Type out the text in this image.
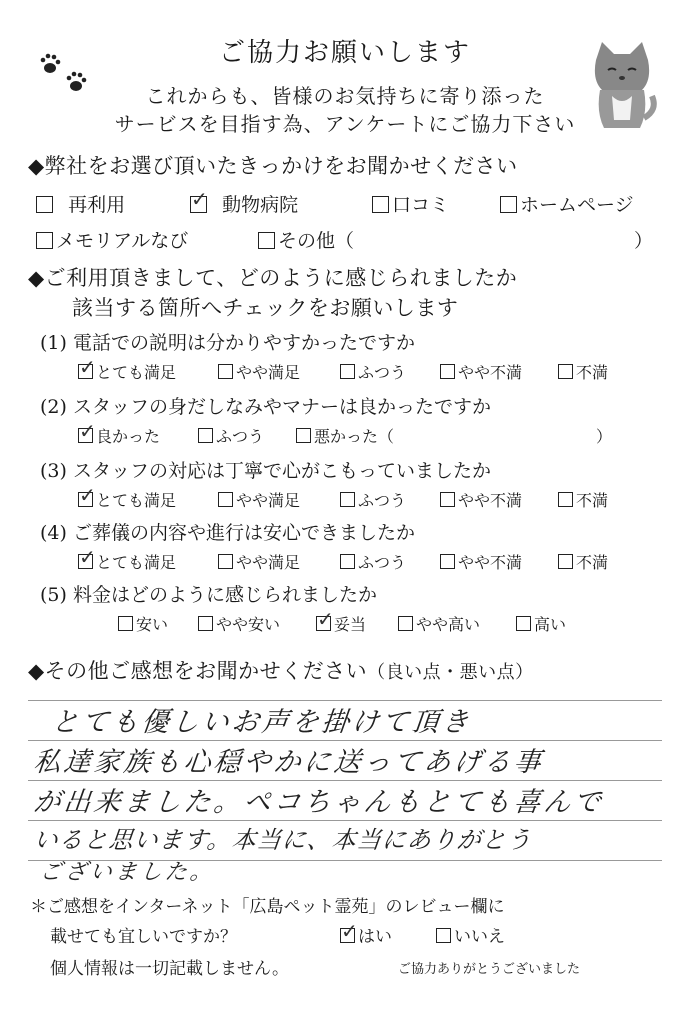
ご協力お願いします
これからも、皆様のお気持ちに寄り添った
サービスを目指す為、アンケートにご協力下さい
◆弊社をお選び頂いたきっかけをお聞かせください
再利用	✓ 動物病院	口コミ	ホームページ
メモリアルなび	その他（	）
◆ご利用頂きまして、どのように感じられましたか
該当する箇所へチェックをお願いします
(1) 電話での説明は分かりやすかったですか
✓ とても満足	やや満足	ふつう	やや不満	不満
(2) スタッフの身だしなみやマナーは良かったですか
✓ 良かった	ふつう	悪かった（	）
(3) スタッフの対応は丁寧で心がこもっていましたか
✓ とても満足	やや満足	ふつう	やや不満	不満
(4) ご葬儀の内容や進行は安心できましたか
✓ とても満足	やや満足	ふつう	やや不満	不満
(5) 料金はどのように感じられましたか
安い	やや安い ✓ 妥当	やや高い	高い
◆その他ご感想をお聞かせください（良い点・悪い点）
とても優しいお声を掛けて頂き
私達家族も心穏やかに送ってあげる事
が出来ました。ペコちゃんもとても喜んで
いると思います。本当に、本当にありがとう
ございました。
＊ご感想をインターネット「広島ペット霊苑」のレビュー欄に
載せても宜しいですか？	✓ はい	いいえ
個人情報は一切記載しません。	ご協力ありがとうございました
